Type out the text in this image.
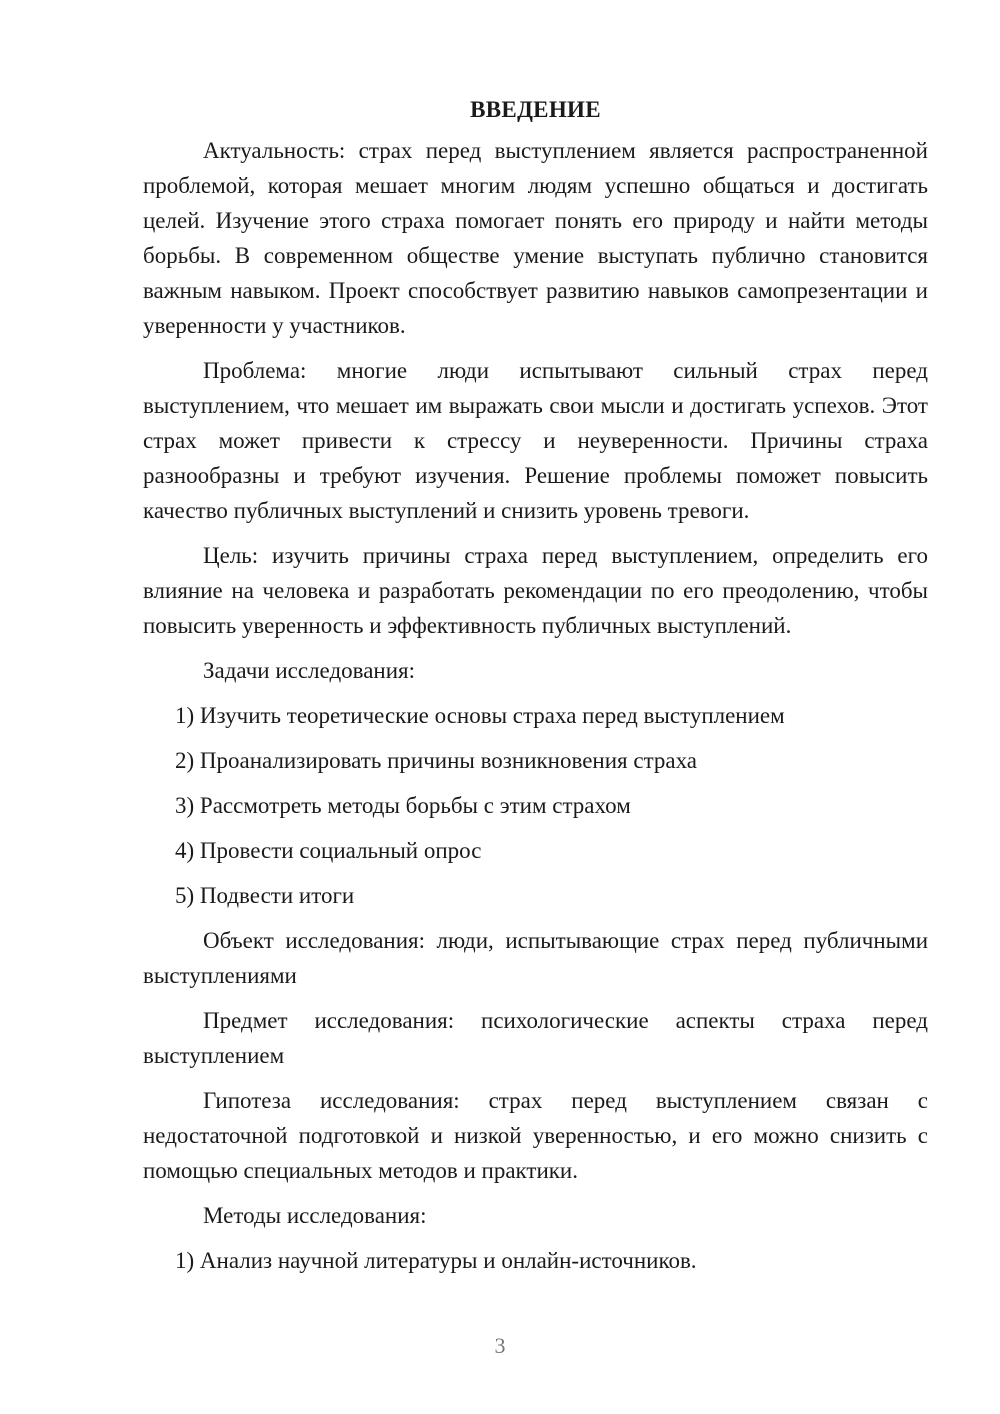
ВВЕДЕНИЕ

Актуальность: страх перед выступлением является распространенной проблемой, которая мешает многим людям успешно общаться и достигать целей. Изучение этого страха помогает понять его природу и найти методы борьбы. В современном обществе умение выступать публично становится важным навыком. Проект способствует развитию навыков самопрезентации и уверенности у участников.

Проблема: многие люди испытывают сильный страх перед выступлением, что мешает им выражать свои мысли и достигать успехов. Этот страх может привести к стрессу и неуверенности. Причины страха разнообразны и требуют изучения. Решение проблемы поможет повысить качество публичных выступлений и снизить уровень тревоги.

Цель: изучить причины страха перед выступлением, определить его влияние на человека и разработать рекомендации по его преодолению, чтобы повысить уверенность и эффективность публичных выступлений.

Задачи исследования:
1) Изучить теоретические основы страха перед выступлением
2) Проанализировать причины возникновения страха
3) Рассмотреть методы борьбы с этим страхом
4) Провести социальный опрос
5) Подвести итоги

Объект исследования: люди, испытывающие страх перед публичными выступлениями

Предмет исследования: психологические аспекты страха перед выступлением

Гипотеза исследования: страх перед выступлением связан с недостаточной подготовкой и низкой уверенностью, и его можно снизить с помощью специальных методов и практики.

Методы исследования:
1) Анализ научной литературы и онлайн-источников.
3
